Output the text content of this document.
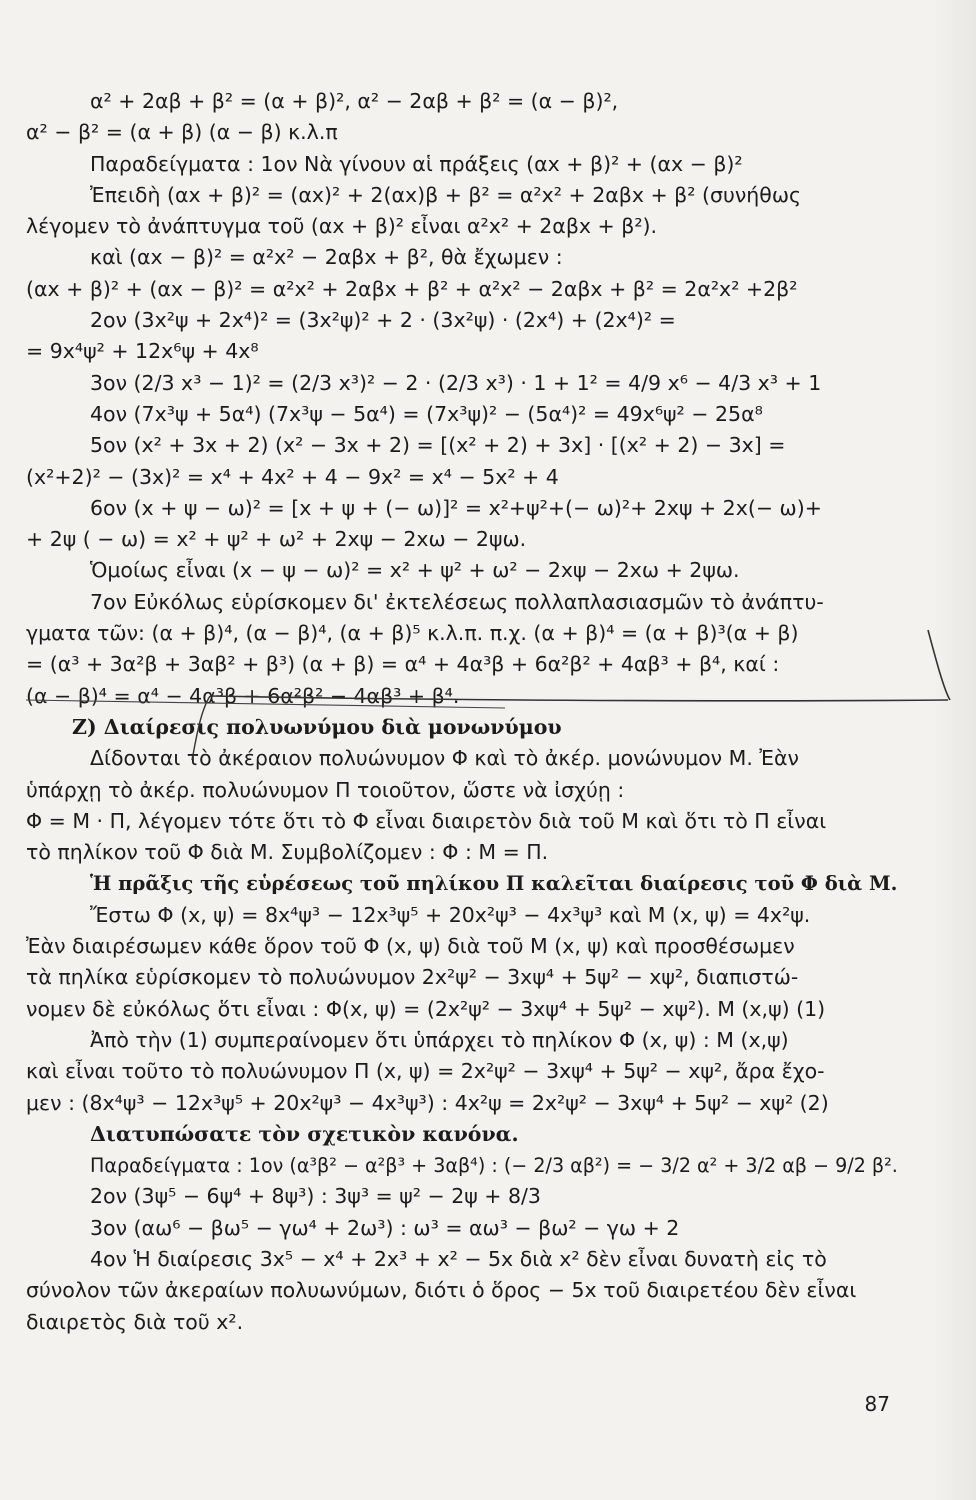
α² + 2αβ + β² = (α + β)², α² − 2αβ + β² = (α − β)²,
α² − β² = (α + β) (α − β) κ.λ.π
Παραδείγματα : 1ον Νὰ γίνουν αἱ πράξεις (αx + β)² + (αx − β)²
Ἐπειδὴ (αx + β)² = (αx)² + 2(αx)β + β² = α²x² + 2αβx + β² (συνήθως
λέγομεν τὸ ἀνάπτυγμα τοῦ (αx + β)² εἶναι α²x² + 2αβx + β²).
καὶ (αx − β)² = α²x² − 2αβx + β², θὰ ἔχωμεν :
(αx + β)² + (αx − β)² = α²x² + 2αβx + β² + α²x² − 2αβx + β² = 2α²x² +2β²
2ον (3x²ψ + 2x⁴)² = (3x²ψ)² + 2 · (3x²ψ) · (2x⁴) + (2x⁴)² =
= 9x⁴ψ² + 12x⁶ψ + 4x⁸
3ον (2/3 x³ − 1)² = (2/3 x³)² − 2 · (2/3 x³) · 1 + 1² = 4/9 x⁶ − 4/3 x³ + 1
4ον (7x³ψ + 5α⁴) (7x³ψ − 5α⁴) = (7x³ψ)² − (5α⁴)² = 49x⁶ψ² − 25α⁸
5ον (x² + 3x + 2) (x² − 3x + 2) = [(x² + 2) + 3x] · [(x² + 2) − 3x] =
(x²+2)² − (3x)² = x⁴ + 4x² + 4 − 9x² = x⁴ − 5x² + 4
6ον (x + ψ − ω)² = [x + ψ + (− ω)]² = x²+ψ²+(− ω)²+ 2xψ + 2x(− ω)+
+ 2ψ ( − ω) = x² + ψ² + ω² + 2xψ − 2xω − 2ψω.
Ὁμοίως εἶναι (x − ψ − ω)² = x² + ψ² + ω² − 2xψ − 2xω + 2ψω.
7ον Εὐκόλως εὑρίσκομεν δι' ἐκτελέσεως πολλαπλασιασμῶν τὸ ἀνάπτυ-
γματα τῶν: (α + β)⁴, (α − β)⁴, (α + β)⁵ κ.λ.π. π.χ. (α + β)⁴ = (α + β)³(α + β)
= (α³ + 3α²β + 3αβ² + β³) (α + β) = α⁴ + 4α³β + 6α²β² + 4αβ³ + β⁴, καί :
(α − β)⁴ = α⁴ − 4α³β + 6α²β² − 4αβ³ + β⁴.
Ζ) Διαίρεσις πολυωνύμου διὰ μονωνύμου
Δίδονται τὸ ἀκέραιον πολυώνυμον Φ καὶ τὸ ἀκέρ. μονώνυμον Μ. Ἐὰν
ὑπάρχῃ τὸ ἀκέρ. πολυώνυμον Π τοιοῦτον, ὥστε νὰ ἰσχύῃ :
Φ = Μ · Π, λέγομεν τότε ὅτι τὸ Φ εἶναι διαιρετὸν διὰ τοῦ Μ καὶ ὅτι τὸ Π εἶναι
τὸ πηλίκον τοῦ Φ διὰ Μ. Συμβολίζομεν : Φ : Μ = Π.
Ἡ πρᾶξις τῆς εὑρέσεως τοῦ πηλίκου Π καλεῖται διαίρεσις τοῦ Φ διὰ Μ.
Ἔστω Φ (x, ψ) = 8x⁴ψ³ − 12x³ψ⁵ + 20x²ψ³ − 4x³ψ³ καὶ Μ (x, ψ) = 4x²ψ.
Ἐὰν διαιρέσωμεν κάθε ὅρον τοῦ Φ (x, ψ) διὰ τοῦ Μ (x, ψ) καὶ προσθέσωμεν
τὰ πηλίκα εὑρίσκομεν τὸ πολυώνυμον 2x²ψ² − 3xψ⁴ + 5ψ² − xψ², διαπιστώ-
νομεν δὲ εὐκόλως ὅτι εἶναι : Φ(x, ψ) = (2x²ψ² − 3xψ⁴ + 5ψ² − xψ²). Μ (x,ψ) (1)
Ἀπὸ τὴν (1) συμπεραίνομεν ὅτι ὑπάρχει τὸ πηλίκον Φ (x, ψ) : Μ (x,ψ)
καὶ εἶναι τοῦτο τὸ πολυώνυμον Π (x, ψ) = 2x²ψ² − 3xψ⁴ + 5ψ² − xψ², ἄρα ἔχο-
μεν : (8x⁴ψ³ − 12x³ψ⁵ + 20x²ψ³ − 4x³ψ³) : 4x²ψ = 2x²ψ² − 3xψ⁴ + 5ψ² − xψ² (2)
Διατυπώσατε τὸν σχετικὸν κανόνα.
Παραδείγματα : 1ον (α³β² − α²β³ + 3αβ⁴) : (− 2/3 αβ²) = − 3/2 α² + 3/2 αβ − 9/2 β².
2ον (3ψ⁵ − 6ψ⁴ + 8ψ³) : 3ψ³ = ψ² − 2ψ + 8/3
3ον (αω⁶ − βω⁵ − γω⁴ + 2ω³) : ω³ = αω³ − βω² − γω + 2
4ον Ἡ διαίρεσις 3x⁵ − x⁴ + 2x³ + x² − 5x διὰ x² δὲν εἶναι δυνατὴ εἰς τὸ
σύνολον τῶν ἀκεραίων πολυωνύμων, διότι ὁ ὅρος − 5x τοῦ διαιρετέου δὲν εἶναι
διαιρετὸς διὰ τοῦ x².
87
